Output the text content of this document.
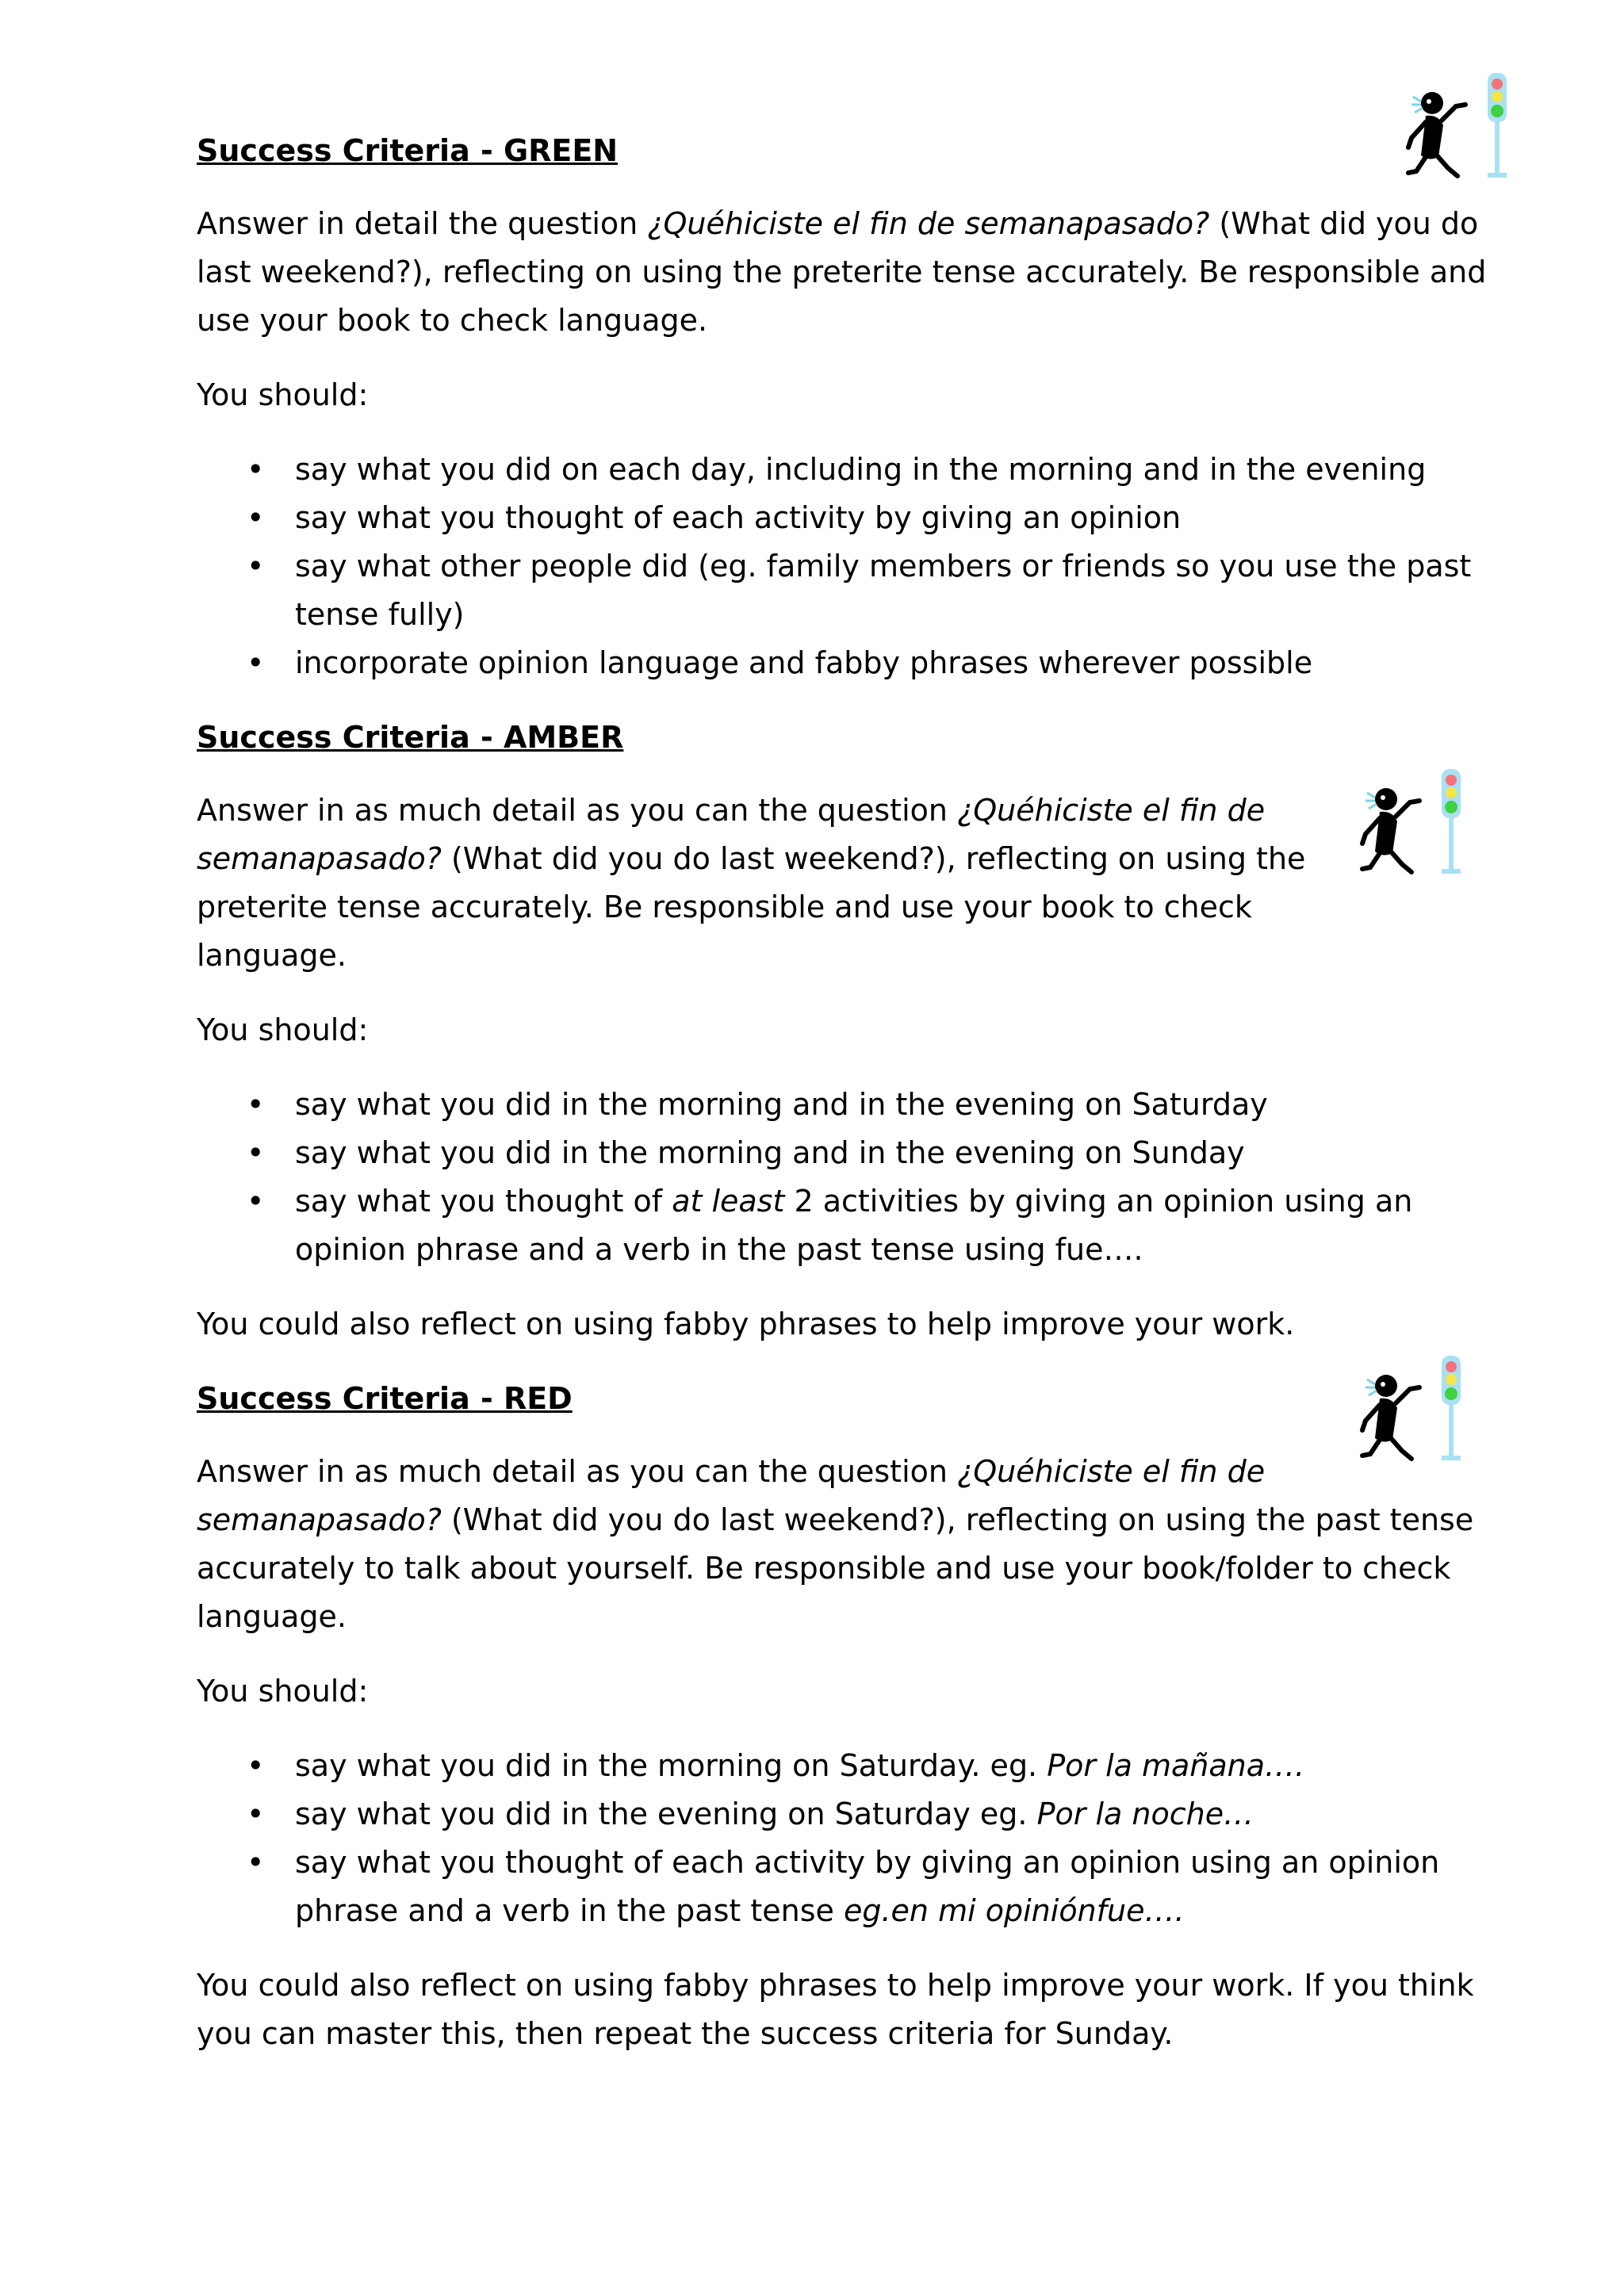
Success Criteria - GREEN

Answer in detail the question ¿Quéhiciste el fin de semanapasado? (What did you do last weekend?), reflecting on using the preterite tense accurately. Be responsible and use your book to check language.

You should:

• say what you did on each day, including in the morning and in the evening
• say what you thought of each activity by giving an opinion
• say what other people did (eg. family members or friends so you use the past tense fully)
• incorporate opinion language and fabby phrases wherever possible

Success Criteria - AMBER

Answer in as much detail as you can the question ¿Quéhiciste el fin de semanapasado? (What did you do last weekend?), reflecting on using the preterite tense accurately. Be responsible and use your book to check language.

You should:

• say what you did in the morning and in the evening on Saturday
• say what you did in the morning and in the evening on Sunday
• say what you thought of at least 2 activities by giving an opinion using an opinion phrase and a verb in the past tense using fue….

You could also reflect on using fabby phrases to help improve your work.

Success Criteria - RED

Answer in as much detail as you can the question ¿Quéhiciste el fin de semanapasado? (What did you do last weekend?), reflecting on using the past tense accurately to talk about yourself. Be responsible and use your book/folder to check language.

You should:

• say what you did in the morning on Saturday. eg. Por la mañana….
• say what you did in the evening on Saturday eg. Por la noche…
• say what you thought of each activity by giving an opinion using an opinion phrase and a verb in the past tense eg.en mi opiniónfue….

You could also reflect on using fabby phrases to help improve your work. If you think you can master this, then repeat the success criteria for Sunday.
